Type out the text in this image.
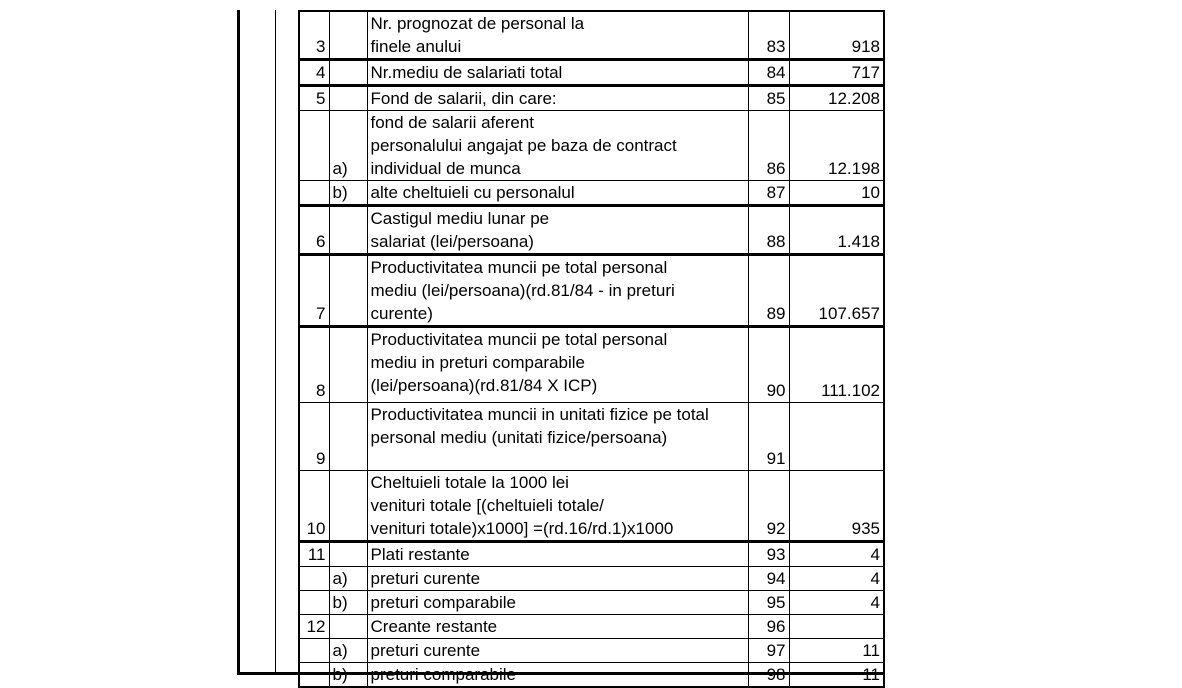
3		Nr. prognozat de personal la
finele anului	83	918
4		Nr.mediu de salariati total	84	717
5		Fond de salarii, din care:	85	12.208
	a)	fond de salarii aferent
personalului angajat pe baza de contract
individual de munca	86	12.198
	b)	alte cheltuieli cu personalul	87	10
6		Castigul mediu lunar pe
salariat (lei/persoana)	88	1.418
7		Productivitatea muncii pe total personal
mediu (lei/persoana)(rd.81/84 - in preturi
curente)	89	107.657
8		Productivitatea muncii pe total personal
mediu in preturi comparabile
(lei/persoana)(rd.81/84 X ICP)	90	111.102
9		Productivitatea muncii in unitati fizice pe total
personal mediu (unitati fizice/persoana)	91	
10		Cheltuieli totale la 1000 lei
venituri totale [(cheltuieli totale/
venituri totale)x1000] =(rd.16/rd.1)x1000	92	935
11		Plati restante	93	4
	a)	preturi curente	94	4
	b)	preturi comparabile	95	4
12		Creante restante	96	
	a)	preturi curente	97	11
	b)	preturi comparabile	98	11
